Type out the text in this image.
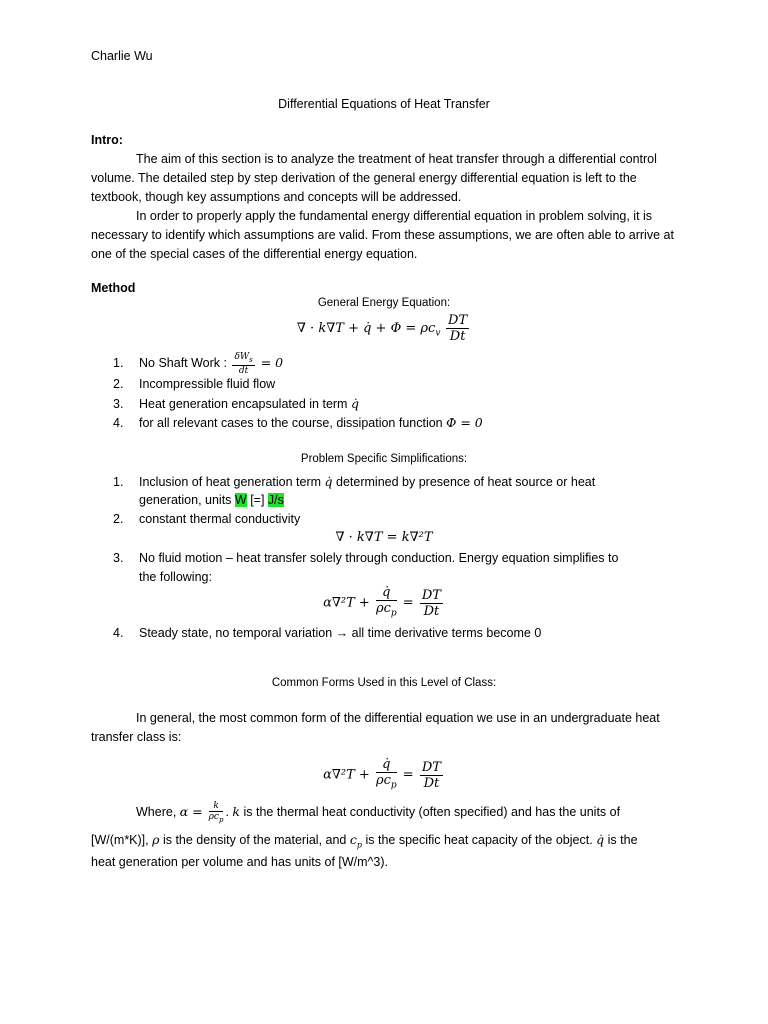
Charlie Wu
Differential Equations of Heat Transfer
Intro:
The aim of this section is to analyze the treatment of heat transfer through a differential control volume. The detailed step by step derivation of the general energy differential equation is left to the textbook, though key assumptions and concepts will be addressed.
In order to properly apply the fundamental energy differential equation in problem solving, it is necessary to identify which assumptions are valid. From these assumptions, we are often able to arrive at one of the special cases of the differential energy equation.
Method
General Energy Equation:
∇ · k∇T + q̇ + $\Phi = \rho c_v \frac{DT}{Dt}$
1. No Shaft Work : $\frac{\delta W_s}{dt} = 0$
2. Incompressible fluid flow
3. Heat generation encapsulated in term q̇
4. for all relevant cases to the course, dissipation function Φ = 0
Problem Specific Simplifications:
1. Inclusion of heat generation term q̇ determined by presence of heat source or heat
generation, units W [=] J/s
2. constant thermal conductivity
∇ · k∇T = k∇²T
3. No fluid motion – heat transfer solely through conduction. Energy equation simplifies to
the following:
$\alpha\nabla^2T + \frac{q̇}{\rho c_p} = \frac{DT}{Dt}$
4. Steady state, no temporal variation → all time derivative terms become 0
Common Forms Used in this Level of Class:
In general, the most common form of the differential equation we use in an undergraduate heat
transfer class is:
$\alpha\nabla^2T + \frac{q̇}{\rho c_p} = \frac{DT}{Dt}$
Where, $\alpha = \frac{k}{\rho c_p}$ . k is the thermal heat conductivity (often specified) and has the units of
[W/(m*K)], ρ is the density of the material, and $c_p$ is the specific heat capacity of the object. q̇ is the
heat generation per volume and has units of [W/m^3).
